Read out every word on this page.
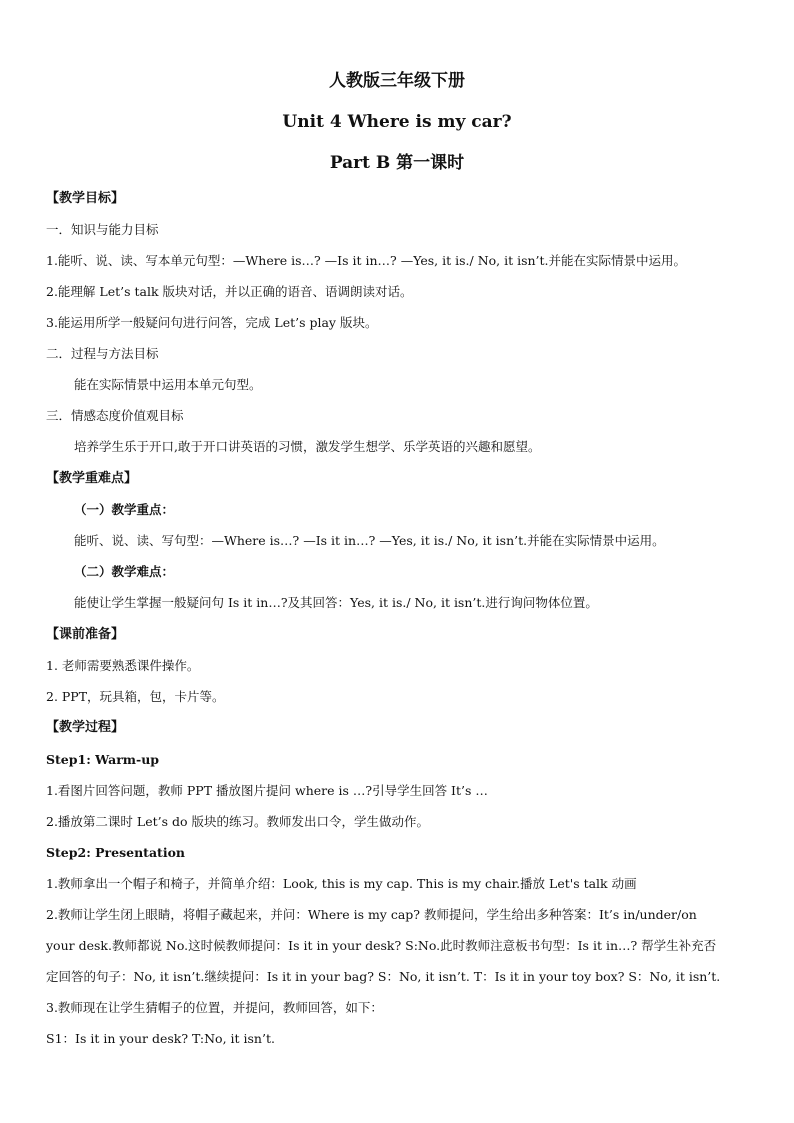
人教版三年级下册
Unit 4 Where is my car?
Part B 第一课时
【教学目标】
一．知识与能力目标
1.能听、说、读、写本单元句型：—Where is…? —Is it in…? —Yes, it is./ No, it isn’t.并能在实际情景中运用。
2.能理解 Let’s talk 版块对话，并以正确的语音、语调朗读对话。
3.能运用所学一般疑问句进行问答，完成 Let’s play 版块。
二．过程与方法目标
能在实际情景中运用本单元句型。
三．情感态度价值观目标
培养学生乐于开口,敢于开口讲英语的习惯，激发学生想学、乐学英语的兴趣和愿望。
【教学重难点】
（一）教学重点：
能听、说、读、写句型：—Where is…? —Is it in…? —Yes, it is./ No, it isn’t.并能在实际情景中运用。
（二）教学难点：
能使让学生掌握一般疑问句 Is it in…?及其回答：Yes, it is./ No, it isn’t.进行询问物体位置。
【课前准备】
1. 老师需要熟悉课件操作。
2. PPT，玩具箱，包，卡片等。
【教学过程】
Step1: Warm-up
1.看图片回答问题，教师 PPT 播放图片提问 where is …?引导学生回答 It’s …
2.播放第二课时 Let’s do 版块的练习。教师发出口令，学生做动作。
Step2: Presentation
1.教师拿出一个帽子和椅子，并简单介绍：Look, this is my cap. This is my chair.播放 Let's talk 动画
2.教师让学生闭上眼睛，将帽子藏起来，并问：Where is my cap? 教师提问，学生给出多种答案：It’s in/under/on
your desk.教师都说 No.这时候教师提问：Is it in your desk? S:No.此时教师注意板书句型：Is it in…? 帮学生补充否
定回答的句子：No, it isn’t.继续提问：Is it in your bag? S：No, it isn’t. T：Is it in your toy box? S：No, it isn’t.
3.教师现在让学生猜帽子的位置，并提问，教师回答，如下：
S1：Is it in your desk? T:No, it isn’t.
